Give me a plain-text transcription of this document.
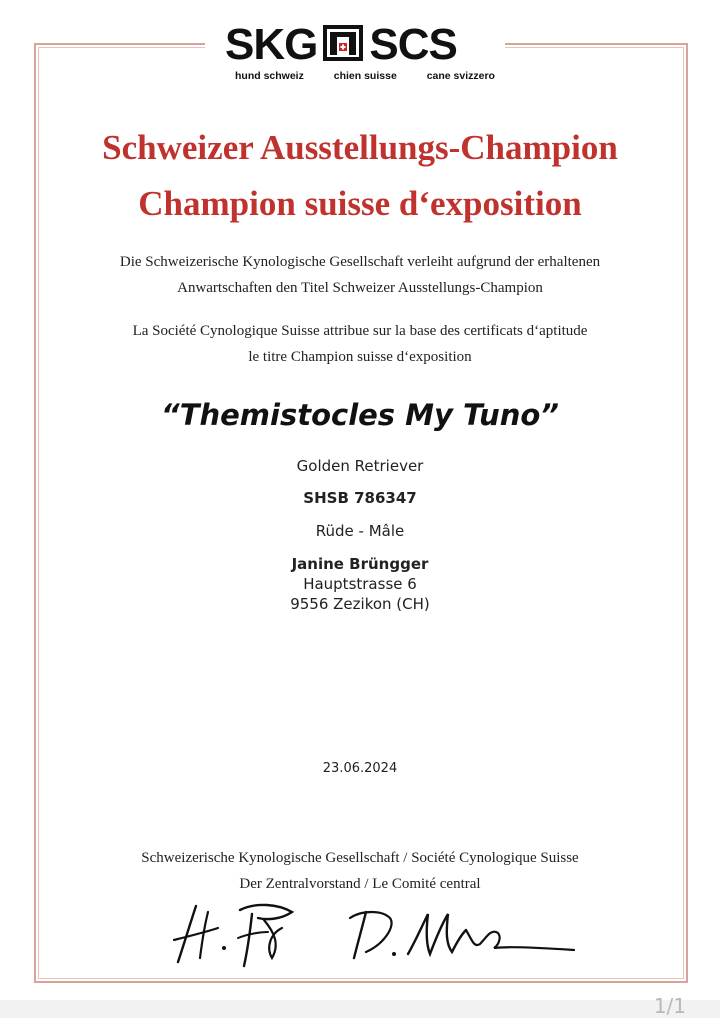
SKG SCS
hund schweiz	chien suisse	cane svizzero
Schweizer Ausstellungs-Champion
Champion suisse d‘exposition
Die Schweizerische Kynologische Gesellschaft verleiht aufgrund der erhaltenen
Anwartschaften den Titel Schweizer Ausstellungs-Champion
La Société Cynologique Suisse attribue sur la base des certificats d‘aptitude
le titre Champion suisse d‘exposition
“Themistocles My Tuno”
Golden Retriever
SHSB 786347
Rüde - Mâle
Janine Brüngger
Hauptstrasse 6
9556 Zezikon (CH)
23.06.2024
Schweizerische Kynologische Gesellschaft / Société Cynologique Suisse
Der Zentralvorstand / Le Comité central
1/1
